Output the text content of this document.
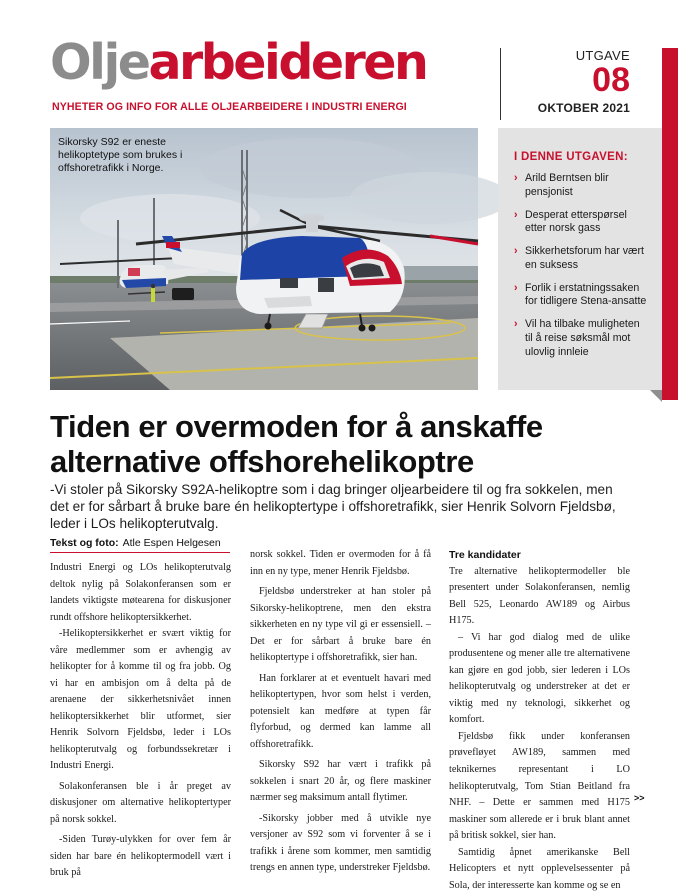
Oljearbeideren
NYHETER OG INFO FOR ALLE OLJEARBEIDERE I INDUSTRI ENERGI
UTGAVE
08
OKTOBER 2021
Sikorsky S92 er eneste helikoptetype som brukes i offshoretrafikk i Norge.
I DENNE UTGAVEN:
› Arild Berntsen blir pensjonist
› Desperat etterspørsel etter norsk gass
› Sikkerhetsforum har vært en suksess
› Forlik i erstatningssaken for tidligere Stena-ansatte
› Vil ha tilbake muligheten til å reise søksmål mot ulovlig innleie
Tiden er overmoden for å anskaffe
alternative offshorehelikoptre
-Vi stoler på Sikorsky S92A-helikoptre som i dag bringer oljearbeidere til og fra sokkelen, men det er for sårbart å bruke bare én helikoptertype i offshoretrafikk, sier Henrik Solvorn Fjeldsbø, leder i LOs helikopterutvalg.
Tekst og foto: Atle Espen Helgesen

Industri Energi og LOs helikopterutvalg deltok nylig på Solakonferansen som er landets viktigste møtearena for diskusjoner rundt offshore helikoptersikkerhet.

-Helikoptersikkerhet er svært viktig for våre medlemmer som er avhengig av helikopter for å komme til og fra jobb. Og vi har en ambisjon om å delta på de arenaene der sikkerhetsnivået innen helikoptersikkerhet blir utformet, sier Henrik Solvorn Fjeldsbø, leder i LOs helikopterutvalg og forbundssekretær i Industri Energi.

Solakonferansen ble i år preget av diskusjoner om alternative helikoptertyper på norsk sokkel.

-Siden Turøy-ulykken for over fem år siden har bare én helikoptermodell vært i bruk på

norsk sokkel. Tiden er overmoden for å få inn en ny type, mener Henrik Fjeldsbø.

Fjeldsbø understreker at han stoler på Sikorsky-helikoptrene, men den ekstra sikkerheten en ny type vil gi er essensiell. – Det er for sårbart å bruke bare én helikoptertype i offshoretrafikk, sier han.

Han forklarer at et eventuelt havari med helikoptertypen, hvor som helst i verden, potensielt kan medføre at typen får flyforbud, og dermed kan lamme all offshoretrafikk.

Sikorsky S92 har vært i trafikk på sokkelen i snart 20 år, og flere maskiner nærmer seg maksimum antall flytimer.

-Sikorsky jobber med å utvikle nye versjoner av S92 som vi forventer å se i trafikk i årene som kommer, men samtidig trengs en annen type, understreker Fjeldsbø.

Tre kandidater

Tre alternative helikoptermodeller ble presentert under Solakonferansen, nemlig Bell 525, Leonardo AW189 og Airbus H175.

– Vi har god dialog med de ulike produsentene og mener alle tre alternativene kan gjøre en god jobb, sier lederen i LOs helikopterutvalg og understreker at det er viktig med ny teknologi, sikkerhet og komfort.

Fjeldsbø fikk under konferansen prøvefløyet AW189, sammen med teknikernes representant i LO helikopterutvalg, Tom Stian Beitland fra NHF. – Dette er sammen med H175 maskiner som allerede er i bruk blant annet på britisk sokkel, sier han.

Samtidig åpnet amerikanske Bell Helicopters et nytt opplevelsessenter på Sola, der interesserte kan komme og se en

>>
